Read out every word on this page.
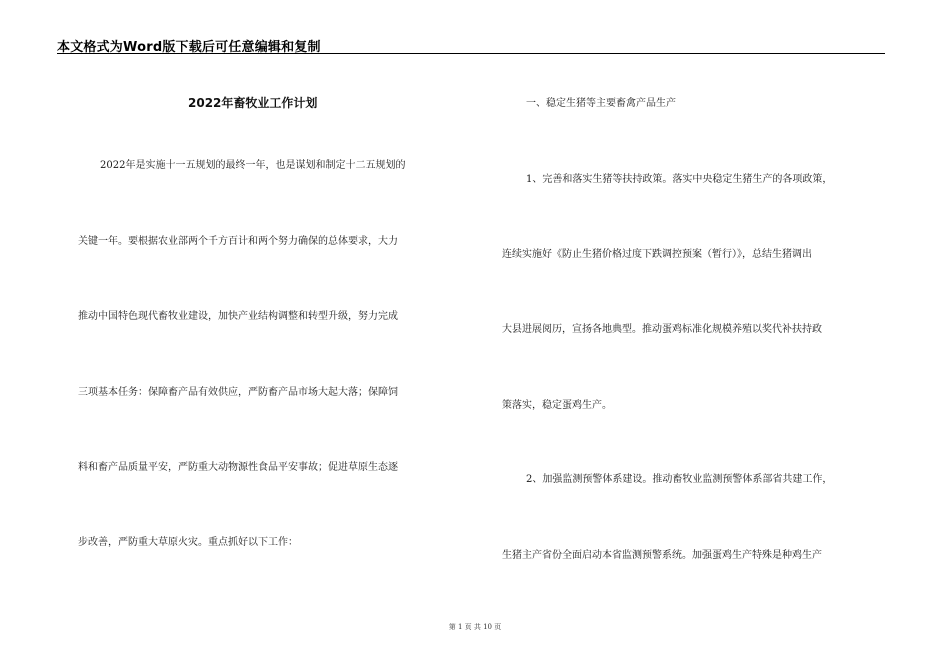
本文格式为Word版下载后可任意编辑和复制
2022年畜牧业工作计划
2022年是实施十一五规划的最终一年，也是谋划和制定十二五规划的
关键一年。要根据农业部两个千方百计和两个努力确保的总体要求，大力
推动中国特色现代畜牧业建设，加快产业结构调整和转型升级，努力完成
三项基本任务：保障畜产品有效供应，严防畜产品市场大起大落；保障饲
料和畜产品质量平安，严防重大动物源性食品平安事故；促进草原生态逐
步改善，严防重大草原火灾。重点抓好以下工作：
一、稳定生猪等主要畜禽产品生产
1、完善和落实生猪等扶持政策。落实中央稳定生猪生产的各项政策，
连续实施好《防止生猪价格过度下跌调控预案（暂行）》，总结生猪调出
大县进展阅历，宣扬各地典型。推动蛋鸡标准化规模养殖以奖代补扶持政
策落实，稳定蛋鸡生产。
2、加强监测预警体系建设。推动畜牧业监测预警体系部省共建工作，
生猪主产省份全面启动本省监测预警系统。加强蛋鸡生产特殊是种鸡生产
第 1 页 共 10 页
